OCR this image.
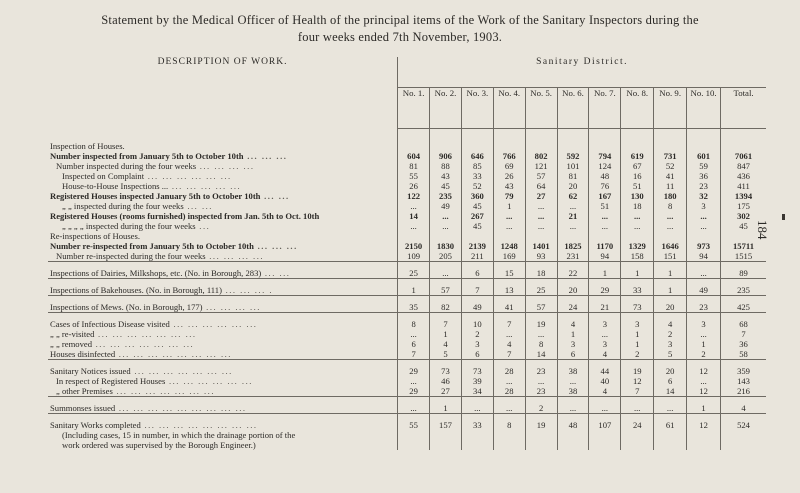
Statement by the Medical Officer of Health of the principal items of the Work of the Sanitary Inspectors during the
four weeks ended 7th November, 1903.
184
DESCRIPTION OF WORK.	Sanitary District.										
	No. 1.	No. 2.	No. 3.	No. 4.	No. 5.	No. 6.	No. 7.	No. 8.	No. 9.	No. 10.	Total.

Inspection of Houses.											
Number inspected from January 5th to October 10th ... ... ...	604	906	646	766	802	592	794	619	731	601	7061
Number inspected during the four weeks ... ... ... ...	81	88	85	69	121	101	124	67	52	59	847
Inspected on Complaint ... ... ... ... ... ...	55	43	33	26	57	81	48	16	41	36	436
House-to-House Inspections ... ... ... ... ... ...	26	45	52	43	64	20	76	51	11	23	411
Registered Houses inspected January 5th to October 10th ... ...	122	235	360	79	27	62	167	130	180	32	1394
„ „ inspected during the four weeks ... ...	...	49	45	1	...	...	51	18	8	3	175
Registered Houses (rooms furnished) inspected from Jan. 5th to Oct. 10th	14	...	267	...	...	21	...	...	...	...	302
„ „ „ „ inspected during the four weeks ...	...	...	45	...	...	...	...	...	...	...	45
Re-inspections of Houses.											
Number re-inspected from January 5th to October 10th ... ... ...	2150	1830	2139	1248	1401	1825	1170	1329	1646	973	15711
Number re-inspected during the four weeks ... ... ... ...	109	205	211	169	93	231	94	158	151	94	1515

Inspections of Dairies, Milkshops, etc. (No. in Borough, 283) ... ...	25	...	6	15	18	22	1	1	1	...	89

Inspections of Bakehouses. (No. in Borough, 111) ... ... ... .	1	57	7	13	25	20	29	33	1	49	235

Inspections of Mews. (No. in Borough, 177) ... ... ... ...	35	82	49	41	57	24	21	73	20	23	425

Cases of Infectious Disease visited ... ... ... ... ... ...	8	7	10	7	19	4	3	3	4	3	68
„ „ re-visited ... ... ... ... ... ... ...	...	1	2	...	...	1	...	1	2	...	7
„ „ removed ... ... ... ... ... ... ...	6	4	3	4	8	3	3	1	3	1	36
Houses disinfected ... ... ... ... ... ... ... ...	7	5	6	7	14	6	4	2	5	2	58

Sanitary Notices issued ... ... ... ... ... ... ...	29	73	73	28	23	38	44	19	20	12	359
In respect of Registered Houses ... ... ... ... ... ...	...	46	39	...	...	...	40	12	6	...	143
„ other Premises ... ... ... ... ... ... ...	29	27	34	28	23	38	4	7	14	12	216

Summonses issued ... ... ... ... ... ... ... ... ...	...	1	...	...	2	...	...	...	...	1	4

Sanitary Works completed ... ... ... ... ... ... ... ...	55	157	33	8	19	48	107	24	61	12	524
(Including cases, 15 in number, in which the drainage portion of the											
work ordered was supervised by the Borough Engineer.)											
